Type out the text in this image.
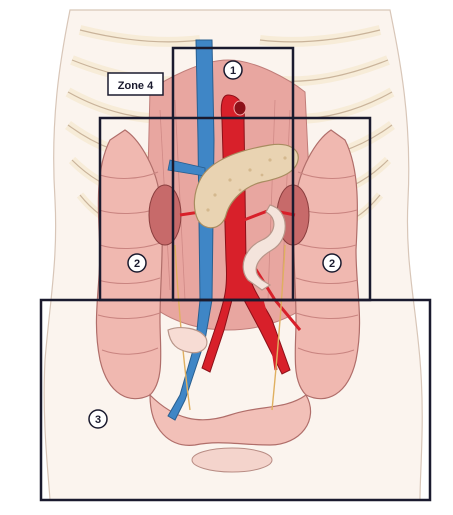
Zone 4
1
2	2
3
